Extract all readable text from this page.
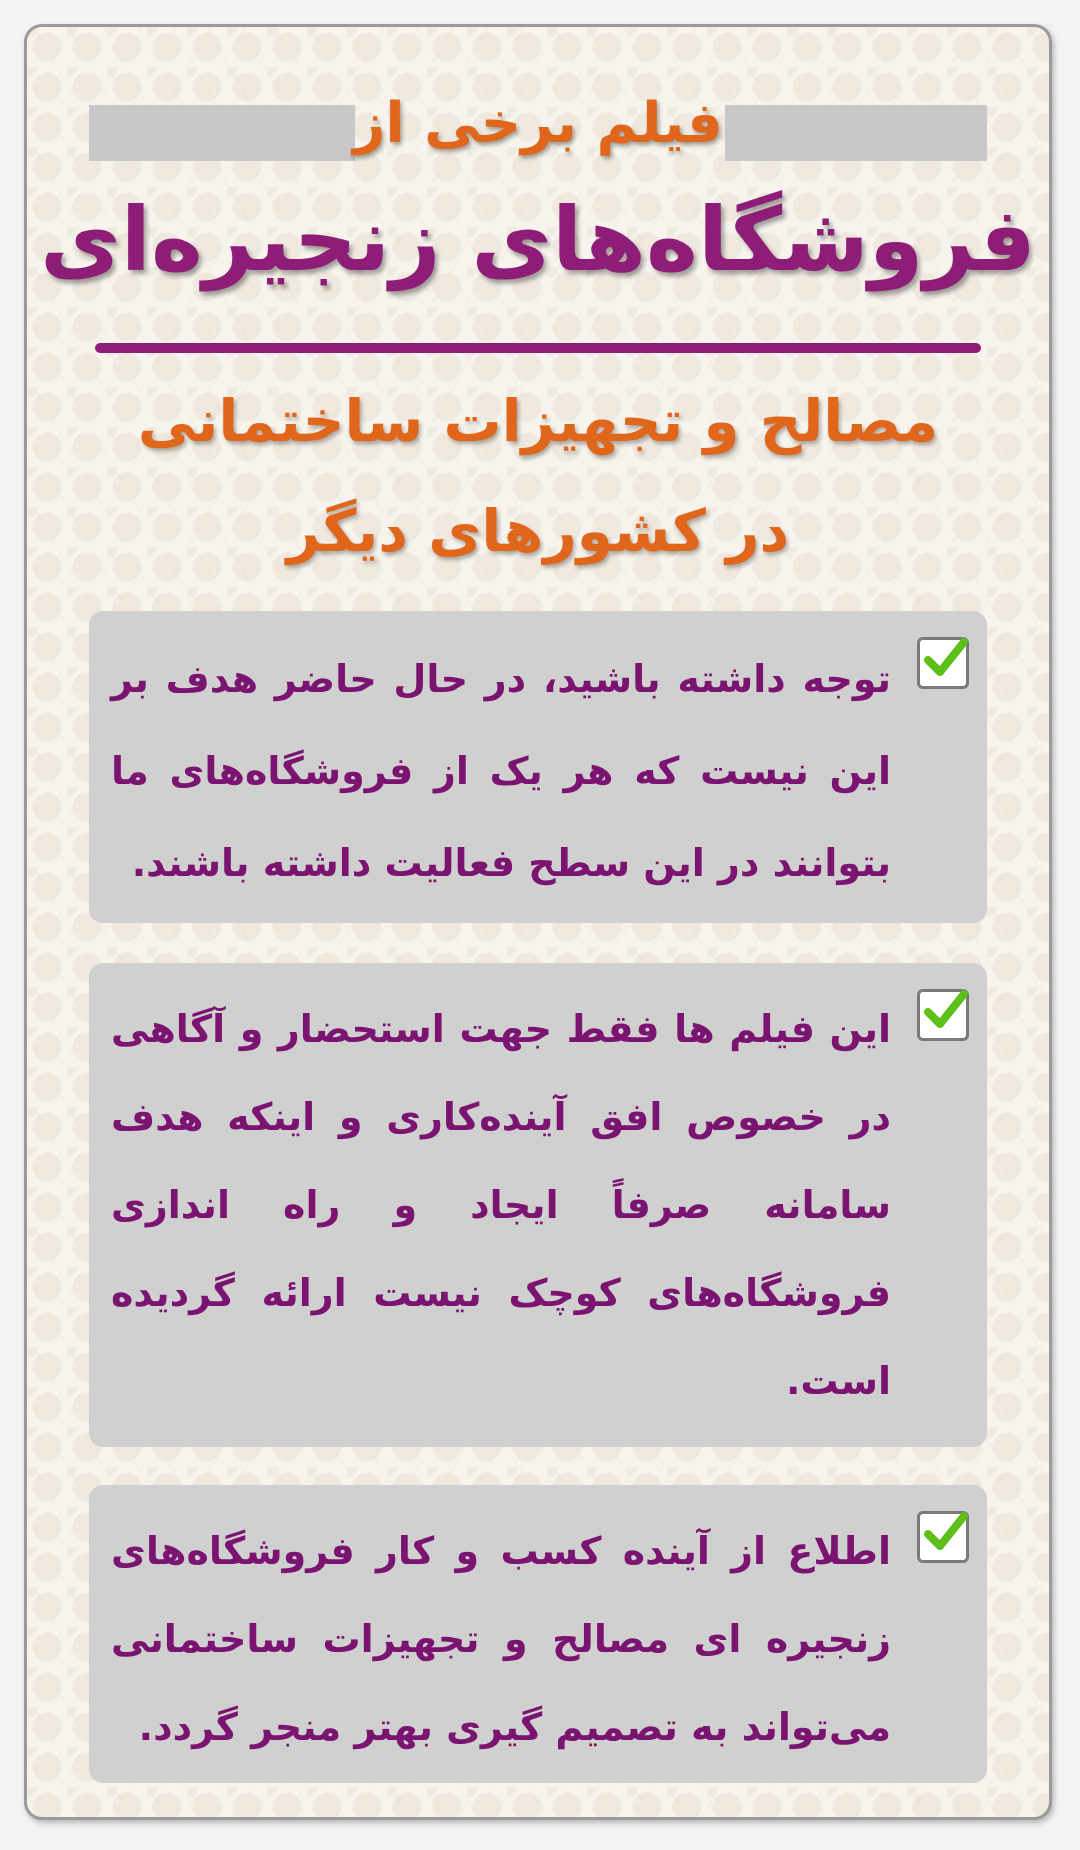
فیلم برخی از
فروشگاه‌های زنجیره‌ای
مصالح و تجهیزات ساختمانی
در کشورهای دیگر
توجه داشته باشید، در حال حاضر هدف بر این نیست که هر یک از فروشگاه‌های ما بتوانند در این سطح فعالیت داشته باشند.
این فیلم ها فقط جهت استحضار و آگاهی در خصوص افق آینده‌کاری و اینکه هدف سامانه صرفاً ایجاد و راه اندازی فروشگاه‌های کوچک نیست ارائه گردیده است.
اطلاع از آینده کسب و کار فروشگاه‌های زنجیره ای مصالح و تجهیزات ساختمانی می‌تواند به تصمیم گیری بهتر منجر گردد.
